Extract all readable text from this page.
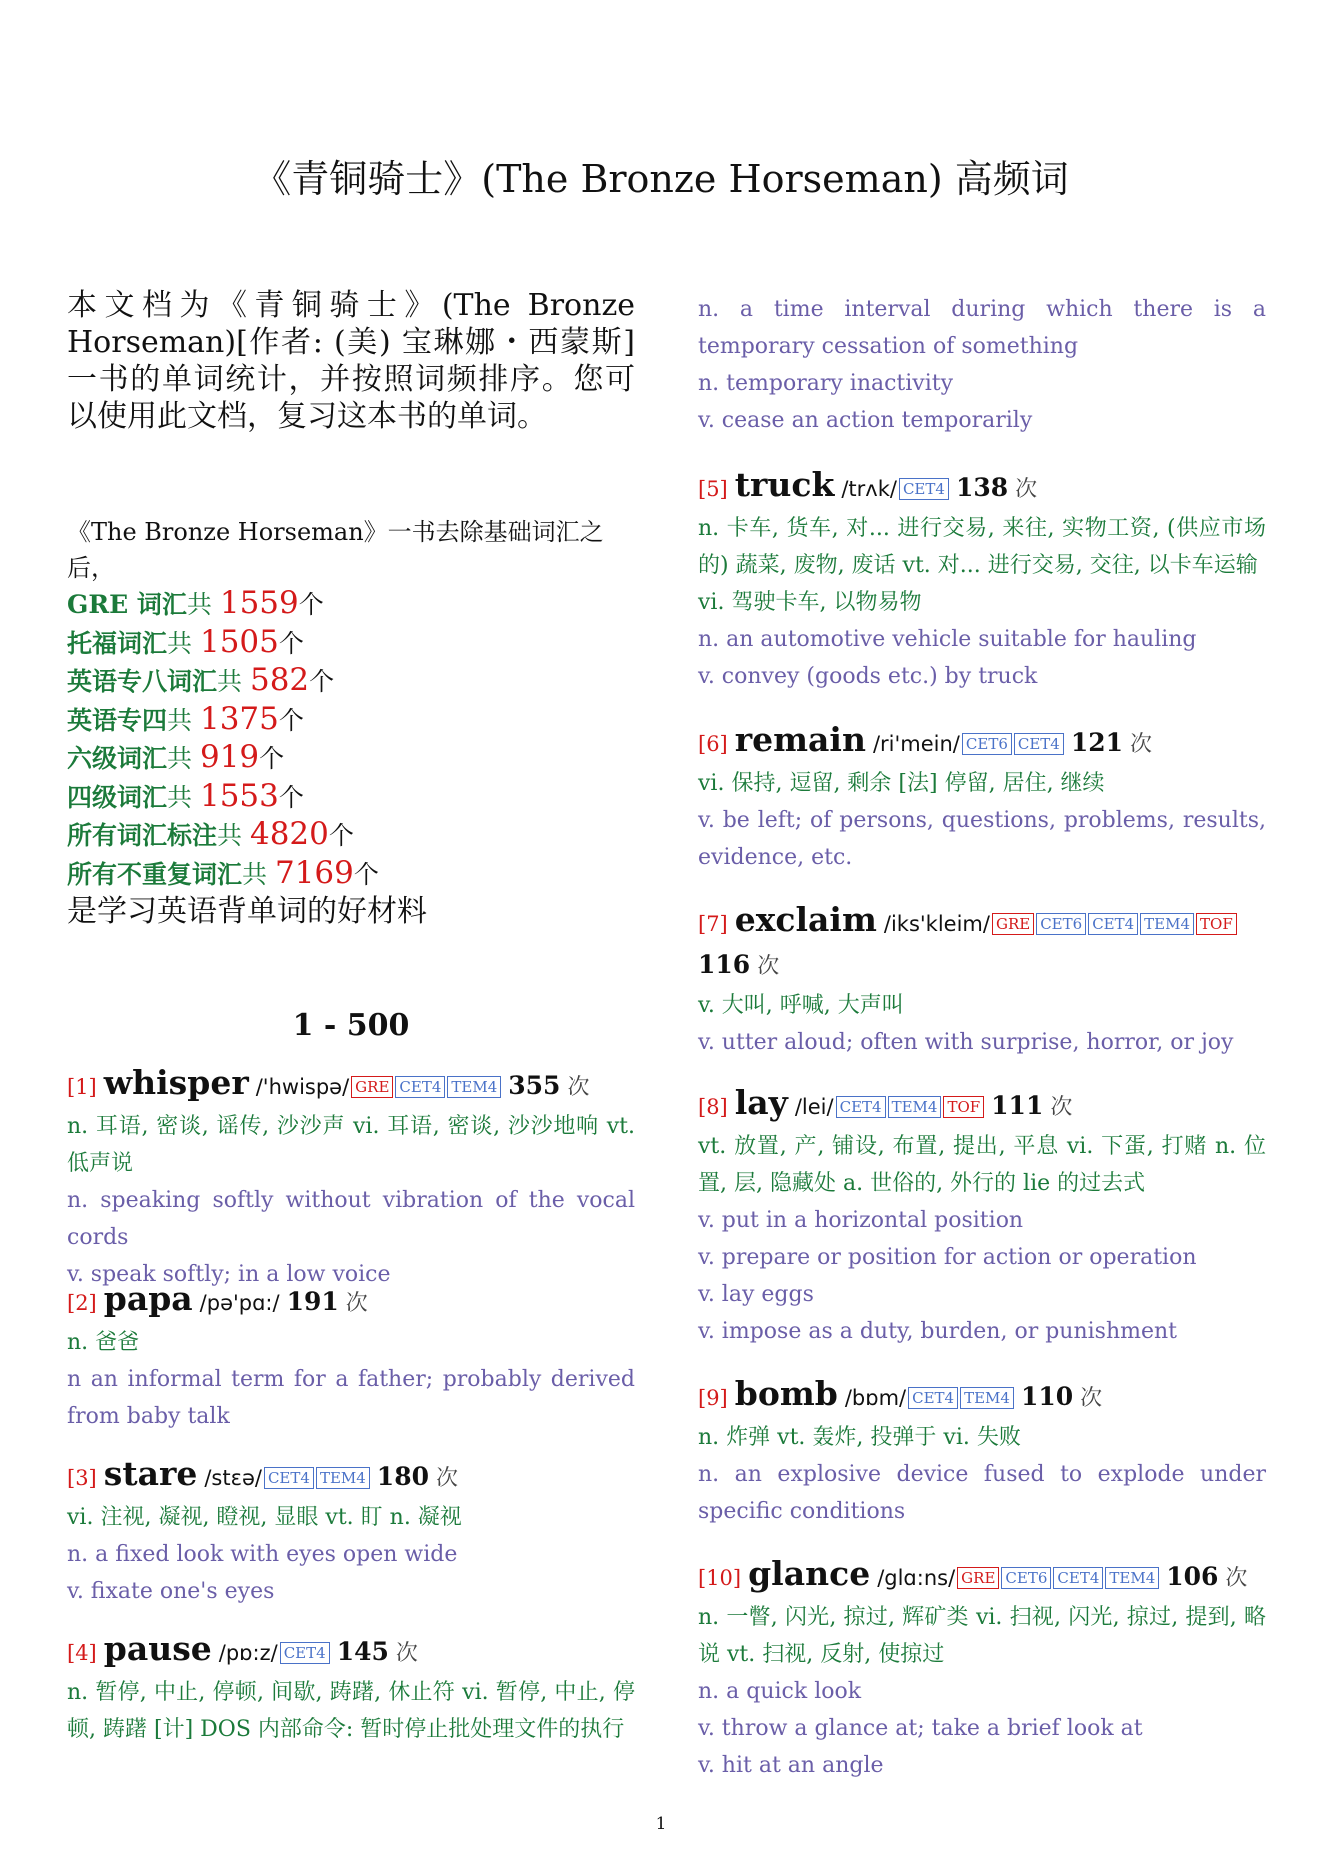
《青铜骑士》(The Bronze Horseman) 高频词
本文档为《青铜骑士》(The Bronze Horseman)[作者: (美) 宝琳娜・西蒙斯] 一书的单词统计，并按照词频排序。您可以使用此文档，复习这本书的单词。
《The Bronze Horseman》一书去除基础词汇之后，
GRE 词汇共 1559个
托福词汇共 1505个
英语专八词汇共 582个
英语专四共 1375个
六级词汇共 919个
四级词汇共 1553个
所有词汇标注共 4820个
所有不重复词汇共 7169个
是学习英语背单词的好材料
1 - 500
[1] whisper /'hwispə/ GRE CET4 TEM4 355 次
n. 耳语, 密谈, 谣传, 沙沙声 vi. 耳语, 密谈, 沙沙地响 vt. 低声说
n. speaking softly without vibration of the vocal cords
v. speak softly; in a low voice
[2] papa /pə'pɑ:/ 191 次
n. 爸爸
n an informal term for a father; probably derived from baby talk
[3] stare /stɛə/ CET4 TEM4 180 次
vi. 注视, 凝视, 瞪视, 显眼 vt. 盯 n. 凝视
n. a fixed look with eyes open wide
v. fixate one's eyes
[4] pause /pɒ:z/ CET4 145 次
n. 暂停, 中止, 停顿, 间歇, 踌躇, 休止符 vi. 暂停, 中止, 停顿, 踌躇 [计] DOS 内部命令: 暂时停止批处理文件的执行
n. a time interval during which there is a temporary cessation of something
n. temporary inactivity
v. cease an action temporarily
[5] truck /trʌk/ CET4 138 次
n. 卡车, 货车, 对... 进行交易, 来往, 实物工资, (供应市场的) 蔬菜, 废物, 废话 vt. 对... 进行交易, 交往, 以卡车运输
vi. 驾驶卡车, 以物易物
n. an automotive vehicle suitable for hauling
v. convey (goods etc.) by truck
[6] remain /ri'mein/ CET6 CET4 121 次
vi. 保持, 逗留, 剩余 [法] 停留, 居住, 继续
v. be left; of persons, questions, problems, results, evidence, etc.
[7] exclaim /iks'kleim/ GRE CET6 CET4 TEM4 TOF
116 次
v. 大叫, 呼喊, 大声叫
v. utter aloud; often with surprise, horror, or joy
[8] lay /lei/ CET4 TEM4 TOF 111 次
vt. 放置, 产, 铺设, 布置, 提出, 平息 vi. 下蛋, 打赌 n. 位置, 层, 隐藏处 a. 世俗的, 外行的 lie 的过去式
v. put in a horizontal position
v. prepare or position for action or operation
v. lay eggs
v. impose as a duty, burden, or punishment
[9] bomb /bɒm/ CET4 TEM4 110 次
n. 炸弹 vt. 轰炸, 投弹于 vi. 失败
n. an explosive device fused to explode under specific conditions
[10] glance /glɑ:ns/ GRE CET6 CET4 TEM4 106 次
n. 一瞥, 闪光, 掠过, 辉矿类 vi. 扫视, 闪光, 掠过, 提到, 略说 vt. 扫视, 反射, 使掠过
n. a quick look
v. throw a glance at; take a brief look at
v. hit at an angle
1
